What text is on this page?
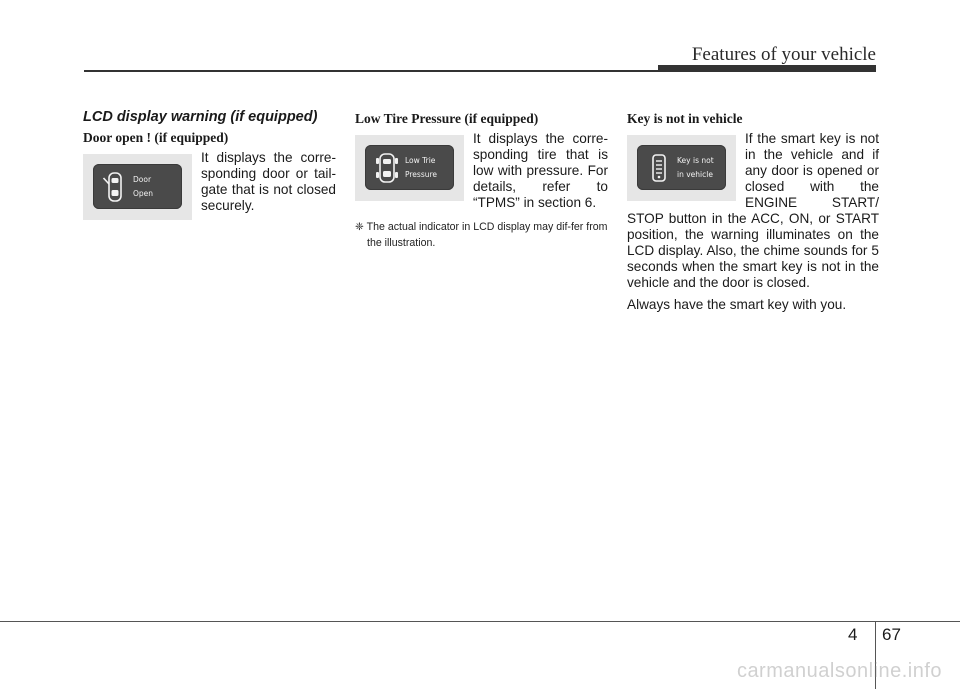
Features of your vehicle
LCD display warning (if equipped)
Door open ! (if equipped)
Door
Open

It displays the corre-sponding door or tail-gate that is not closed securely.

Low Tire Pressure (if equipped)
Low Trie
Pressure

It displays the corre-sponding tire that is low with pressure. For details, refer to “TPMS” in section 6.

❈ The actual indicator in LCD display may dif-fer from the illustration.
Key is not in vehicle
Key is not
in vehicle

If the smart key is not in the vehicle and if any door is opened or closed with the ENGINE START/ STOP button in the ACC, ON, or START position, the warning illuminates on the LCD display. Also, the chime sounds for 5 seconds when the smart key is not in the vehicle and the door is closed.

Always have the smart key with you.

4 67
carmanualsonline.info
